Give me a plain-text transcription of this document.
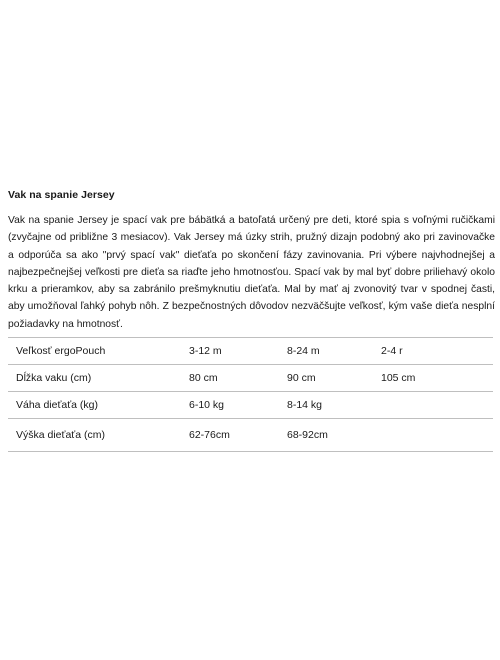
Vak na spanie Jersey

Vak na spanie Jersey je spací vak pre bábätká a batoľatá určený pre deti, ktoré spia s voľnými ručičkami (zvyčajne od približne 3 mesiacov). Vak Jersey má úzky strih, pružný dizajn podobný ako pri zavinovačke a odporúča sa ako "prvý spací vak" dieťaťa po skončení fázy zavinovania. Pri výbere najvhodnejšej a najbezpečnejšej veľkosti pre dieťa sa riaďte jeho hmotnosťou. Spací vak by mal byť dobre priliehavý okolo krku a prieramkov, aby sa zabránilo prešmyknutiu dieťaťa. Mal by mať aj zvonovitý tvar v spodnej časti, aby umožňoval ľahký pohyb nôh. Z bezpečnostných dôvodov nezväčšujte veľkosť, kým vaše dieťa nesplní požiadavky na hmotnosť.

Veľkosť ergoPouch	3-12 m	8-24 m	2-4 r
Dĺžka vaku (cm)	80 cm	90 cm	105 cm
Váha dieťaťa (kg)	6-10 kg	8-14 kg	
Výška dieťaťa (cm)	62-76cm	68-92cm	
